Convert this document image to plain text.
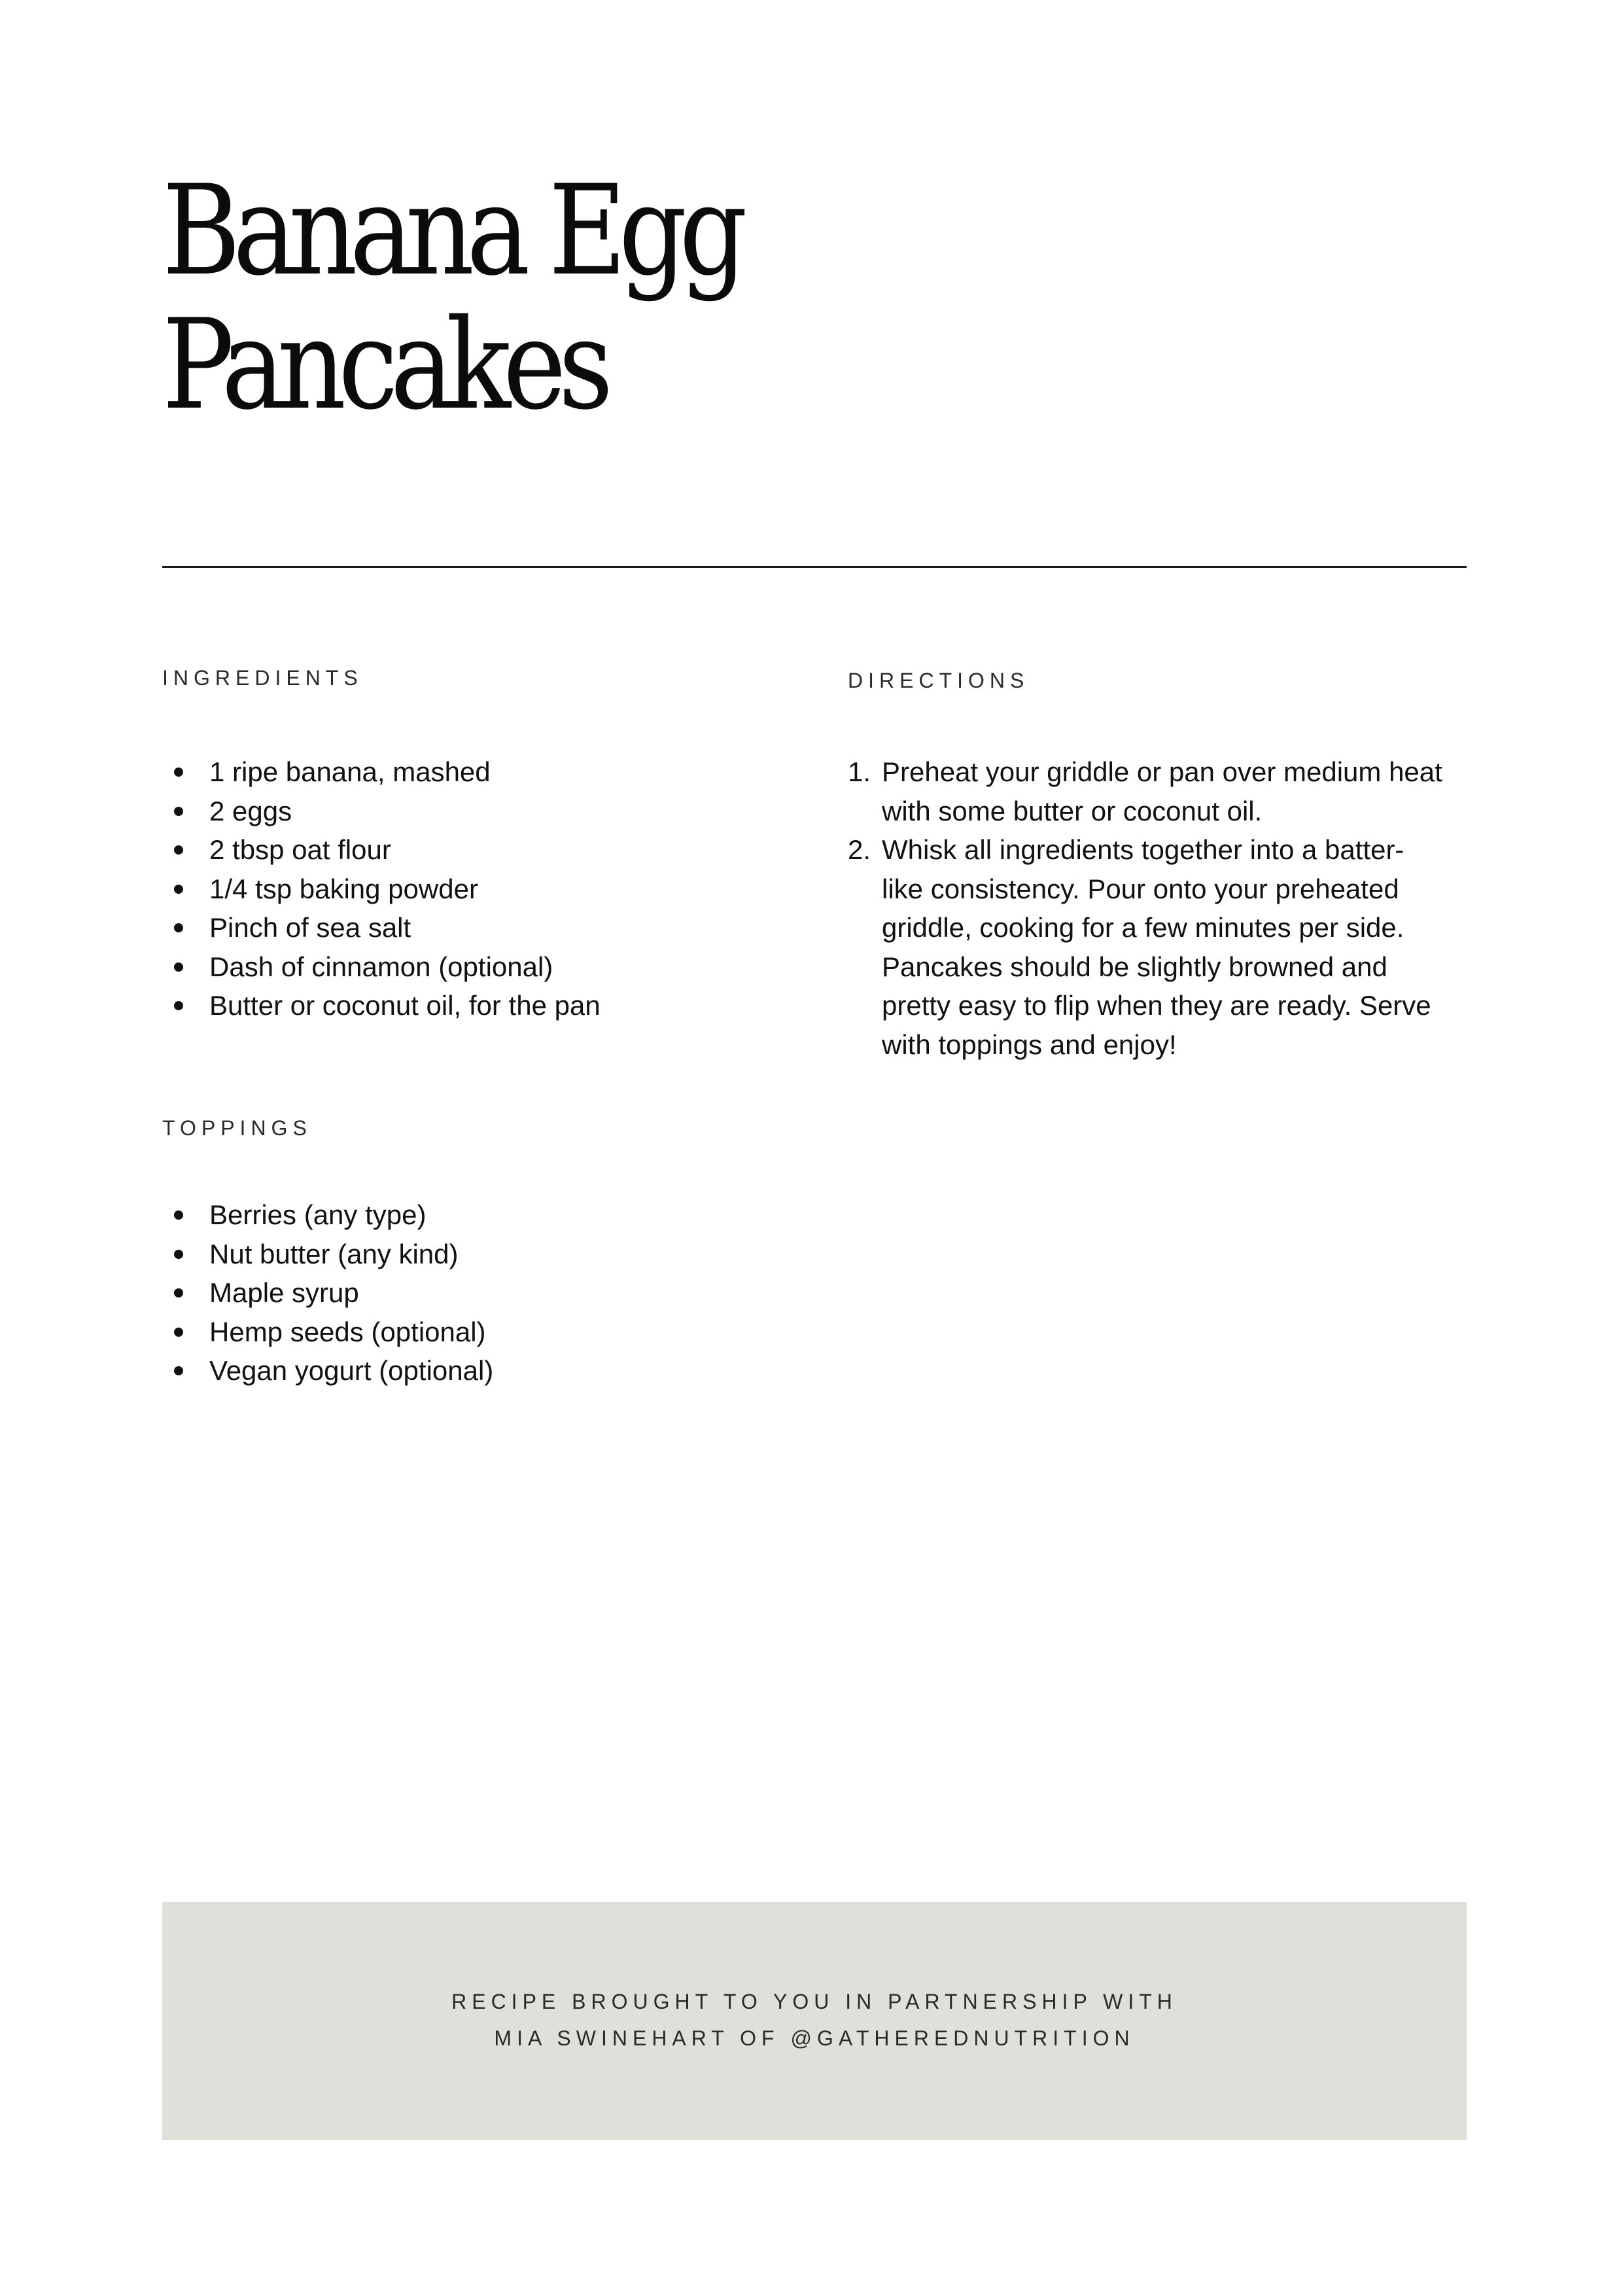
Banana Egg
Pancakes
INGREDIENTS
1 ripe banana, mashed
2 eggs
2 tbsp oat flour
1/4 tsp baking powder
Pinch of sea salt
Dash of cinnamon (optional)
Butter or coconut oil, for the pan
TOPPINGS
Berries (any type)
Nut butter (any kind)
Maple syrup
Hemp seeds (optional)
Vegan yogurt (optional)
DIRECTIONS
1. Preheat your griddle or pan over medium heat
with some butter or coconut oil.
2. Whisk all ingredients together into a batter-
like consistency. Pour onto your preheated
griddle, cooking for a few minutes per side.
Pancakes should be slightly browned and
pretty easy to flip when they are ready. Serve
with toppings and enjoy!

RECIPE BROUGHT TO YOU IN PARTNERSHIP WITH

MIA SWINEHART OF @GATHEREDNUTRITION
